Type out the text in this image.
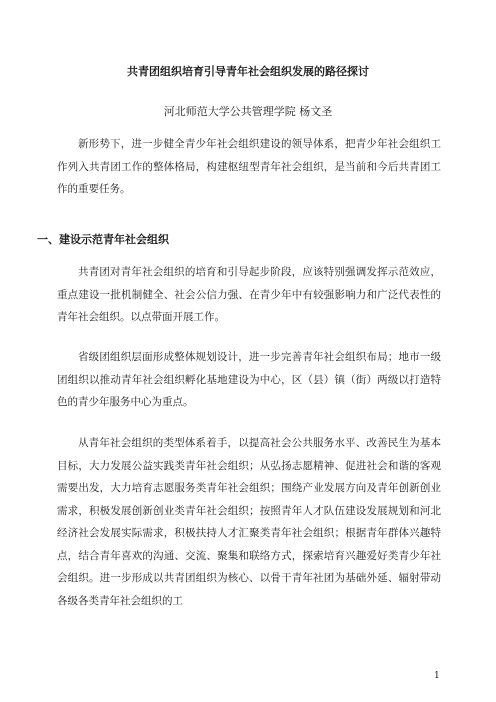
共青团组织培育引导青年社会组织发展的路径探讨
河北师范大学公共管理学院 杨文圣

新形势下，进一步健全青少年社会组织建设的领导体系，把青少年社会组织工作列入共青团工作的整体格局，构建枢纽型青年社会组织，是当前和今后共青团工作的重要任务。

一、建设示范青年社会组织

共青团对青年社会组织的培育和引导起步阶段，应该特别强调发挥示范效应，重点建设一批机制健全、社会公信力强、在青少年中有较强影响力和广泛代表性的青年社会组织。以点带面开展工作。

省级团组织层面形成整体规划设计，进一步完善青年社会组织布局；地市一级团组织以推动青年社会组织孵化基地建设为中心，区（县）镇（街）两级以打造特色的青少年服务中心为重点。

从青年社会组织的类型体系着手，以提高社会公共服务水平、改善民生为基本目标，大力发展公益实践类青年社会组织；从弘扬志愿精神、促进社会和谐的客观需要出发，大力培育志愿服务类青年社会组织；围绕产业发展方向及青年创新创业需求，积极发展创新创业类青年社会组织；按照青年人才队伍建设发展规划和河北经济社会发展实际需求，积极扶持人才汇聚类青年社会组织；根据青年群体兴趣特点，结合青年喜欢的沟通、交流、聚集和联络方式，探索培育兴趣爱好类青少年社会组织。进一步形成以共青团组织为核心、以骨干青年社团为基础外延、辐射带动各级各类青年社会组织的工

1
